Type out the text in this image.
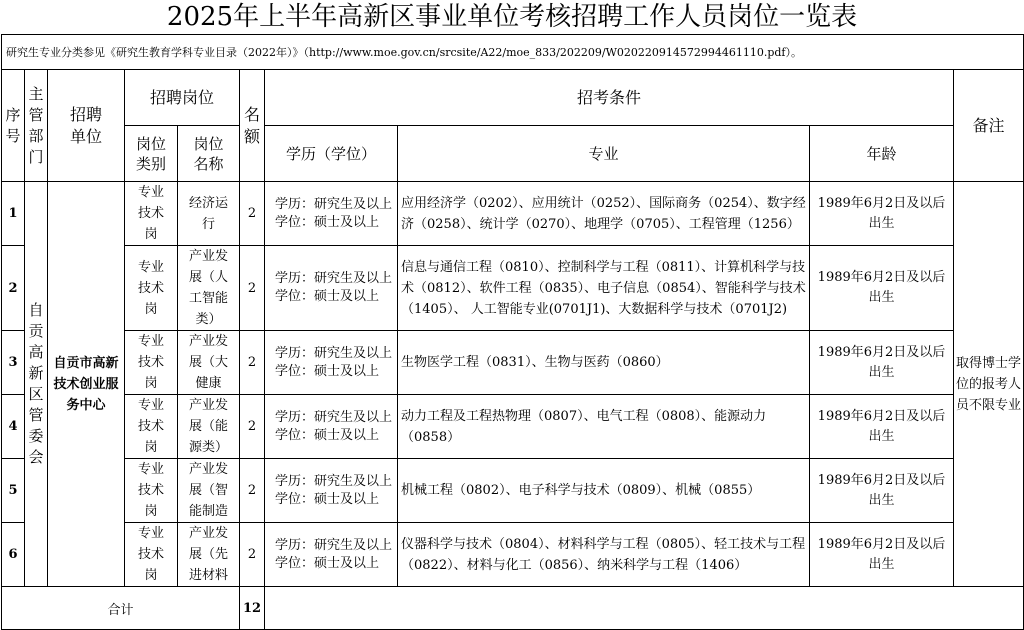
2025年上半年高新区事业单位考核招聘工作人员岗位一览表
研究生专业分类参见《研究生教育学科专业目录（2022年）》（http://www.moe.gov.cn/srcsite/A22/moe_833/202209/W020220914572994461110.pdf）。									
序号	主管部门	招聘单位	招聘岗位		名额	招考条件			备注
			岗位类别	岗位名称		学历（学位）	专业	年龄	
1	自贡高新区管委会	自贡市高新技术创业服务中心	专业技术岗	经济运行	2	学历：研究生及以上
学位：硕士及以上	应用经济学（0202）、应用统计（0252）、国际商务（0254）、数字经济（0258）、统计学（0270）、地理学（0705）、工程管理（1256）	1989年6月2日及以后出生	取得博士学位的报考人员不限专业
2			专业技术岗	产业发展（人工智能类）	2	学历：研究生及以上
学位：硕士及以上	信息与通信工程（0810）、控制科学与工程（0811）、计算机科学与技术（0812）、软件工程（0835）、电子信息（0854）、智能科学与技术（1405）、 人工智能专业(0701J1)、大数据科学与技术（0701J2)	1989年6月2日及以后出生	
3			专业技术岗	产业发展（大健康	2	学历：研究生及以上
学位：硕士及以上	生物医学工程（0831）、生物与医药（0860）	1989年6月2日及以后出生	
4			专业技术岗	产业发展（能源类）	2	学历：研究生及以上
学位：硕士及以上	动力工程及工程热物理（0807）、电气工程（0808）、能源动力（0858）	1989年6月2日及以后出生	
5			专业技术岗	产业发展（智能制造	2	学历：研究生及以上
学位：硕士及以上	机械工程（0802）、电子科学与技术（0809）、机械（0855）	1989年6月2日及以后出生	
6			专业技术岗	产业发展（先进材料	2	学历：研究生及以上
学位：硕士及以上	仪器科学与技术（0804）、材料科学与工程（0805）、轻工技术与工程（0822）、材料与化工（0856）、纳米科学与工程（1406）	1989年6月2日及以后出生	
合计					12				
